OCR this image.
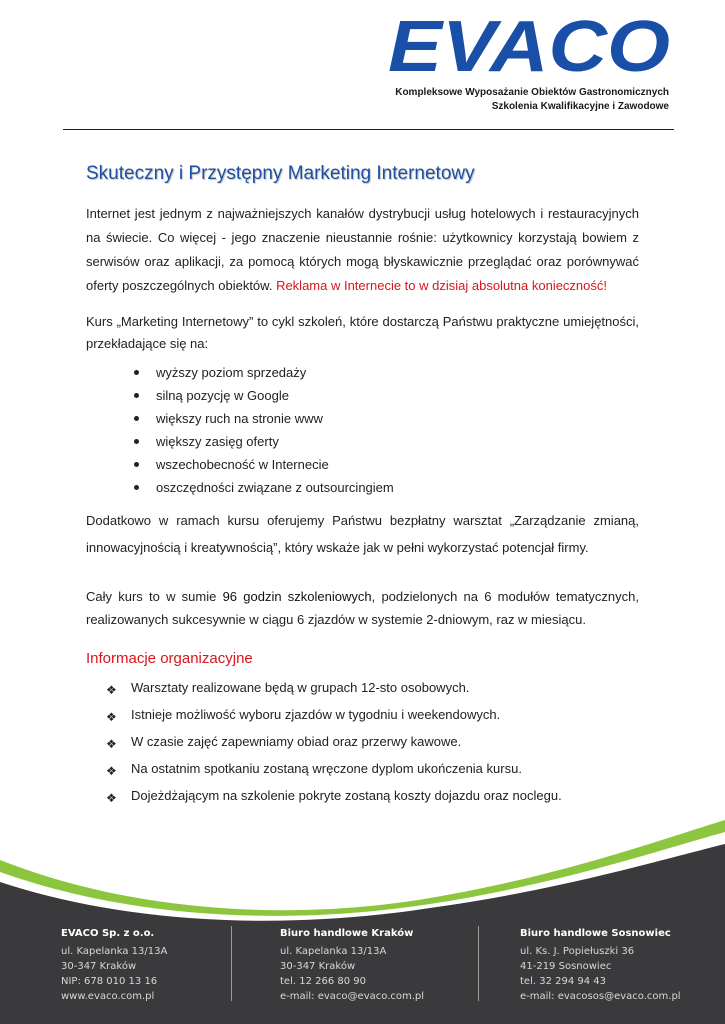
EVACO
Kompleksowe Wyposażanie Obiektów Gastronomicznych
Szkolenia Kwalifikacyjne i Zawodowe
Skuteczny i Przystępny Marketing Internetowy

Internet jest jednym z najważniejszych kanałów dystrybucji usług hotelowych i restauracyjnych na świecie. Co więcej - jego znaczenie nieustannie rośnie: użytkownicy korzystają bowiem z serwisów oraz aplikacji, za pomocą których mogą błyskawicznie przeglądać oraz porównywać oferty poszczególnych obiektów. Reklama w Internecie to w dzisiaj absolutna konieczność!

Kurs „Marketing Internetowy” to cykl szkoleń, które dostarczą Państwu praktyczne umiejętności, przekładające się na:

wyższy poziom sprzedaży
silną pozycję w Google
większy ruch na stronie www
większy zasięg oferty
wszechobecność w Internecie
oszczędności związane z outsourcingiem

Dodatkowo w ramach kursu oferujemy Państwu bezpłatny warsztat „Zarządzanie zmianą, innowacyjnością i kreatywnością”, który wskaże jak w pełni wykorzystać potencjał firmy.

Cały kurs to w sumie 96 godzin szkoleniowych, podzielonych na 6 modułów tematycznych, realizowanych sukcesywnie w ciągu 6 zjazdów w systemie 2-dniowym, raz w miesiącu.

Informacje organizacyjne
❖ Warsztaty realizowane będą w grupach 12-sto osobowych.
❖ Istnieje możliwość wyboru zjazdów w tygodniu i weekendowych.
❖ W czasie zajęć zapewniamy obiad oraz przerwy kawowe.
❖ Na ostatnim spotkaniu zostaną wręczone dyplom ukończenia kursu.
❖ Dojeżdżającym na szkolenie pokryte zostaną koszty dojazdu oraz noclegu.
EVACO Sp. z o.o.
ul. Kapelanka 13/13A
30-347 Kraków
NIP: 678 010 13 16
www.evaco.com.pl
Biuro handlowe Kraków
ul. Kapelanka 13/13A
30-347 Kraków
tel. 12 266 80 90
e-mail: evaco@evaco.com.pl
Biuro handlowe Sosnowiec
ul. Ks. J. Popiełuszki 36
41-219 Sosnowiec
tel. 32 294 94 43
e-mail: evacosos@evaco.com.pl
